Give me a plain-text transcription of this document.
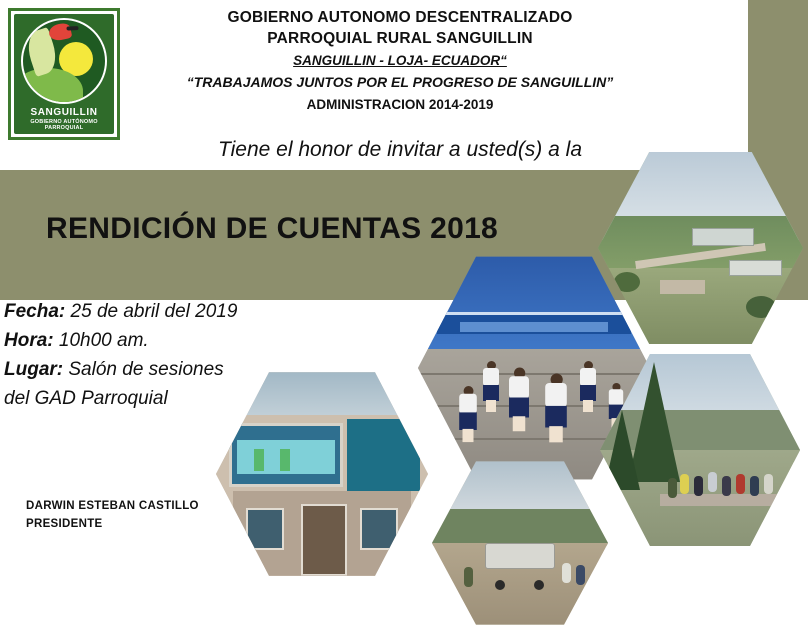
SANGUILLIN
GOBIERNO AUTÓNOMO PARROQUIAL
GOBIERNO AUTONOMO DESCENTRALIZADO
PARROQUIAL RURAL SANGUILLIN
SANGUILLIN - LOJA- ECUADOR“
“TRABAJAMOS JUNTOS POR EL PROGRESO DE SANGUILLIN”
ADMINISTRACION 2014-2019
Tiene el honor de invitar a usted(s) a la
RENDICIÓN DE CUENTAS 2018
Fecha: 25 de abril del 2019
Hora: 10h00 am.
Lugar: Salón de sesiones
del GAD Parroquial
DARWIN ESTEBAN CASTILLO
PRESIDENTE
